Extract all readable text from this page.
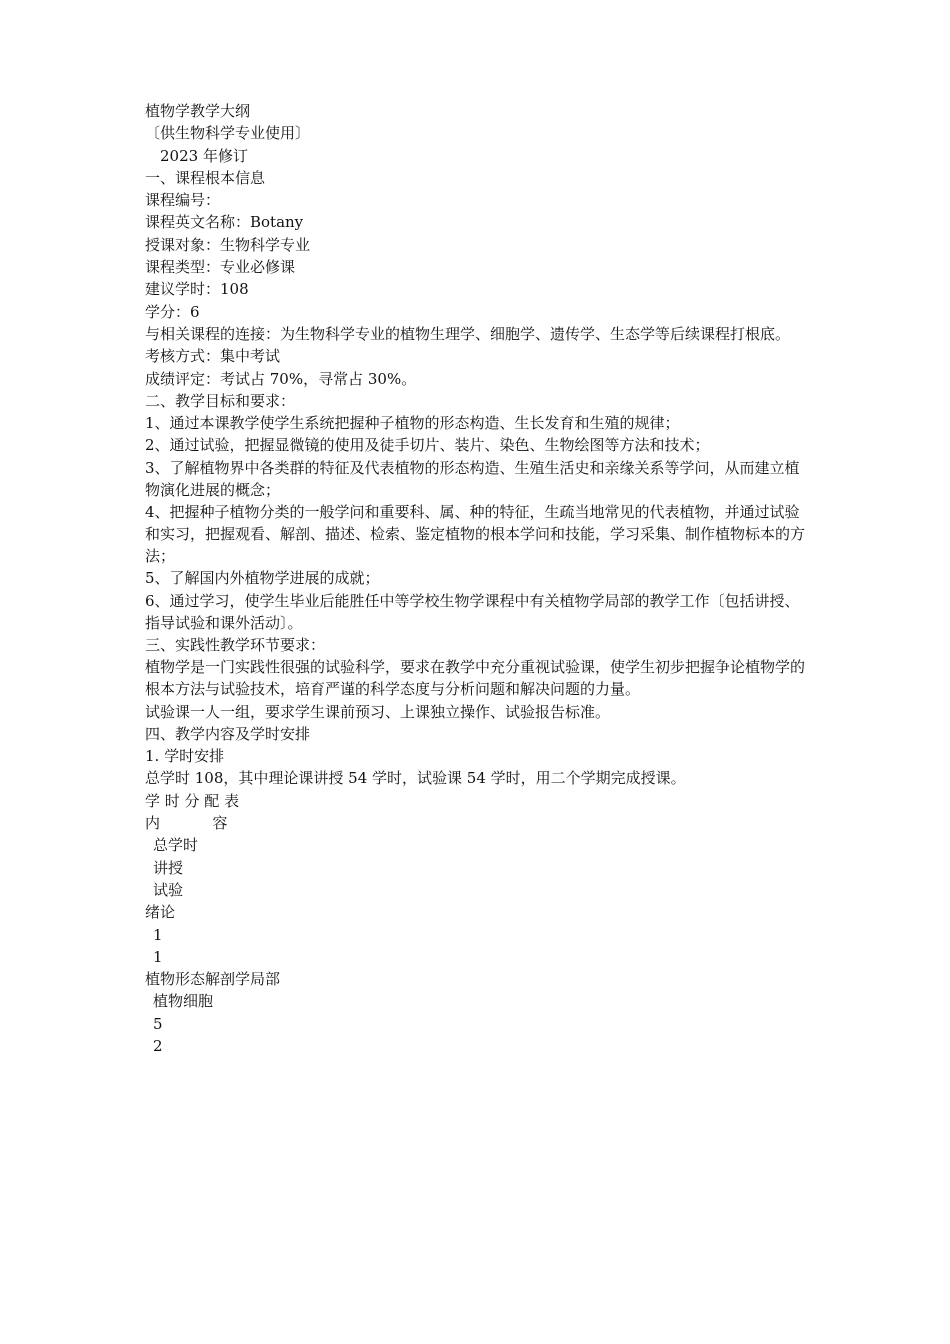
植物学教学大纲
〔供生物科学专业使用〕
2023 年修订
一、课程根本信息
课程编号：
课程英文名称：Botany
授课对象：生物科学专业
课程类型：专业必修课
建议学时：108
学分：6
与相关课程的连接：为生物科学专业的植物生理学、细胞学、遗传学、生态学等后续课程打根底。
考核方式：集中考试
成绩评定：考试占 70%，寻常占 30%。
二、教学目标和要求：
1、通过本课教学使学生系统把握种子植物的形态构造、生长发育和生殖的规律；
2、通过试验，把握显微镜的使用及徒手切片、装片、染色、生物绘图等方法和技术；
3、了解植物界中各类群的特征及代表植物的形态构造、生殖生活史和亲缘关系等学问，从而建立植物演化进展的概念；
4、把握种子植物分类的一般学问和重要科、属、种的特征，生疏当地常见的代表植物，并通过试验和实习，把握观看、解剖、描述、检索、鉴定植物的根本学问和技能，学习采集、制作植物标本的方法；
5、了解国内外植物学进展的成就；
6、通过学习，使学生毕业后能胜任中等学校生物学课程中有关植物学局部的教学工作〔包括讲授、指导试验和课外活动〕。
三、实践性教学环节要求：
植物学是一门实践性很强的试验科学，要求在教学中充分重视试验课，使学生初步把握争论植物学的根本方法与试验技术，培育严谨的科学态度与分析问题和解决问题的力量。
试验课一人一组，要求学生课前预习、上课独立操作、试验报告标准。
四、教学内容及学时安排
1. 学时安排
总学时 108，其中理论课讲授 54 学时，试验课 54 学时，用二个学期完成授课。
学 时 分 配 表
内           容
总学时
讲授
试验
绪论
1
1
植物形态解剖学局部
植物细胞
5
2
